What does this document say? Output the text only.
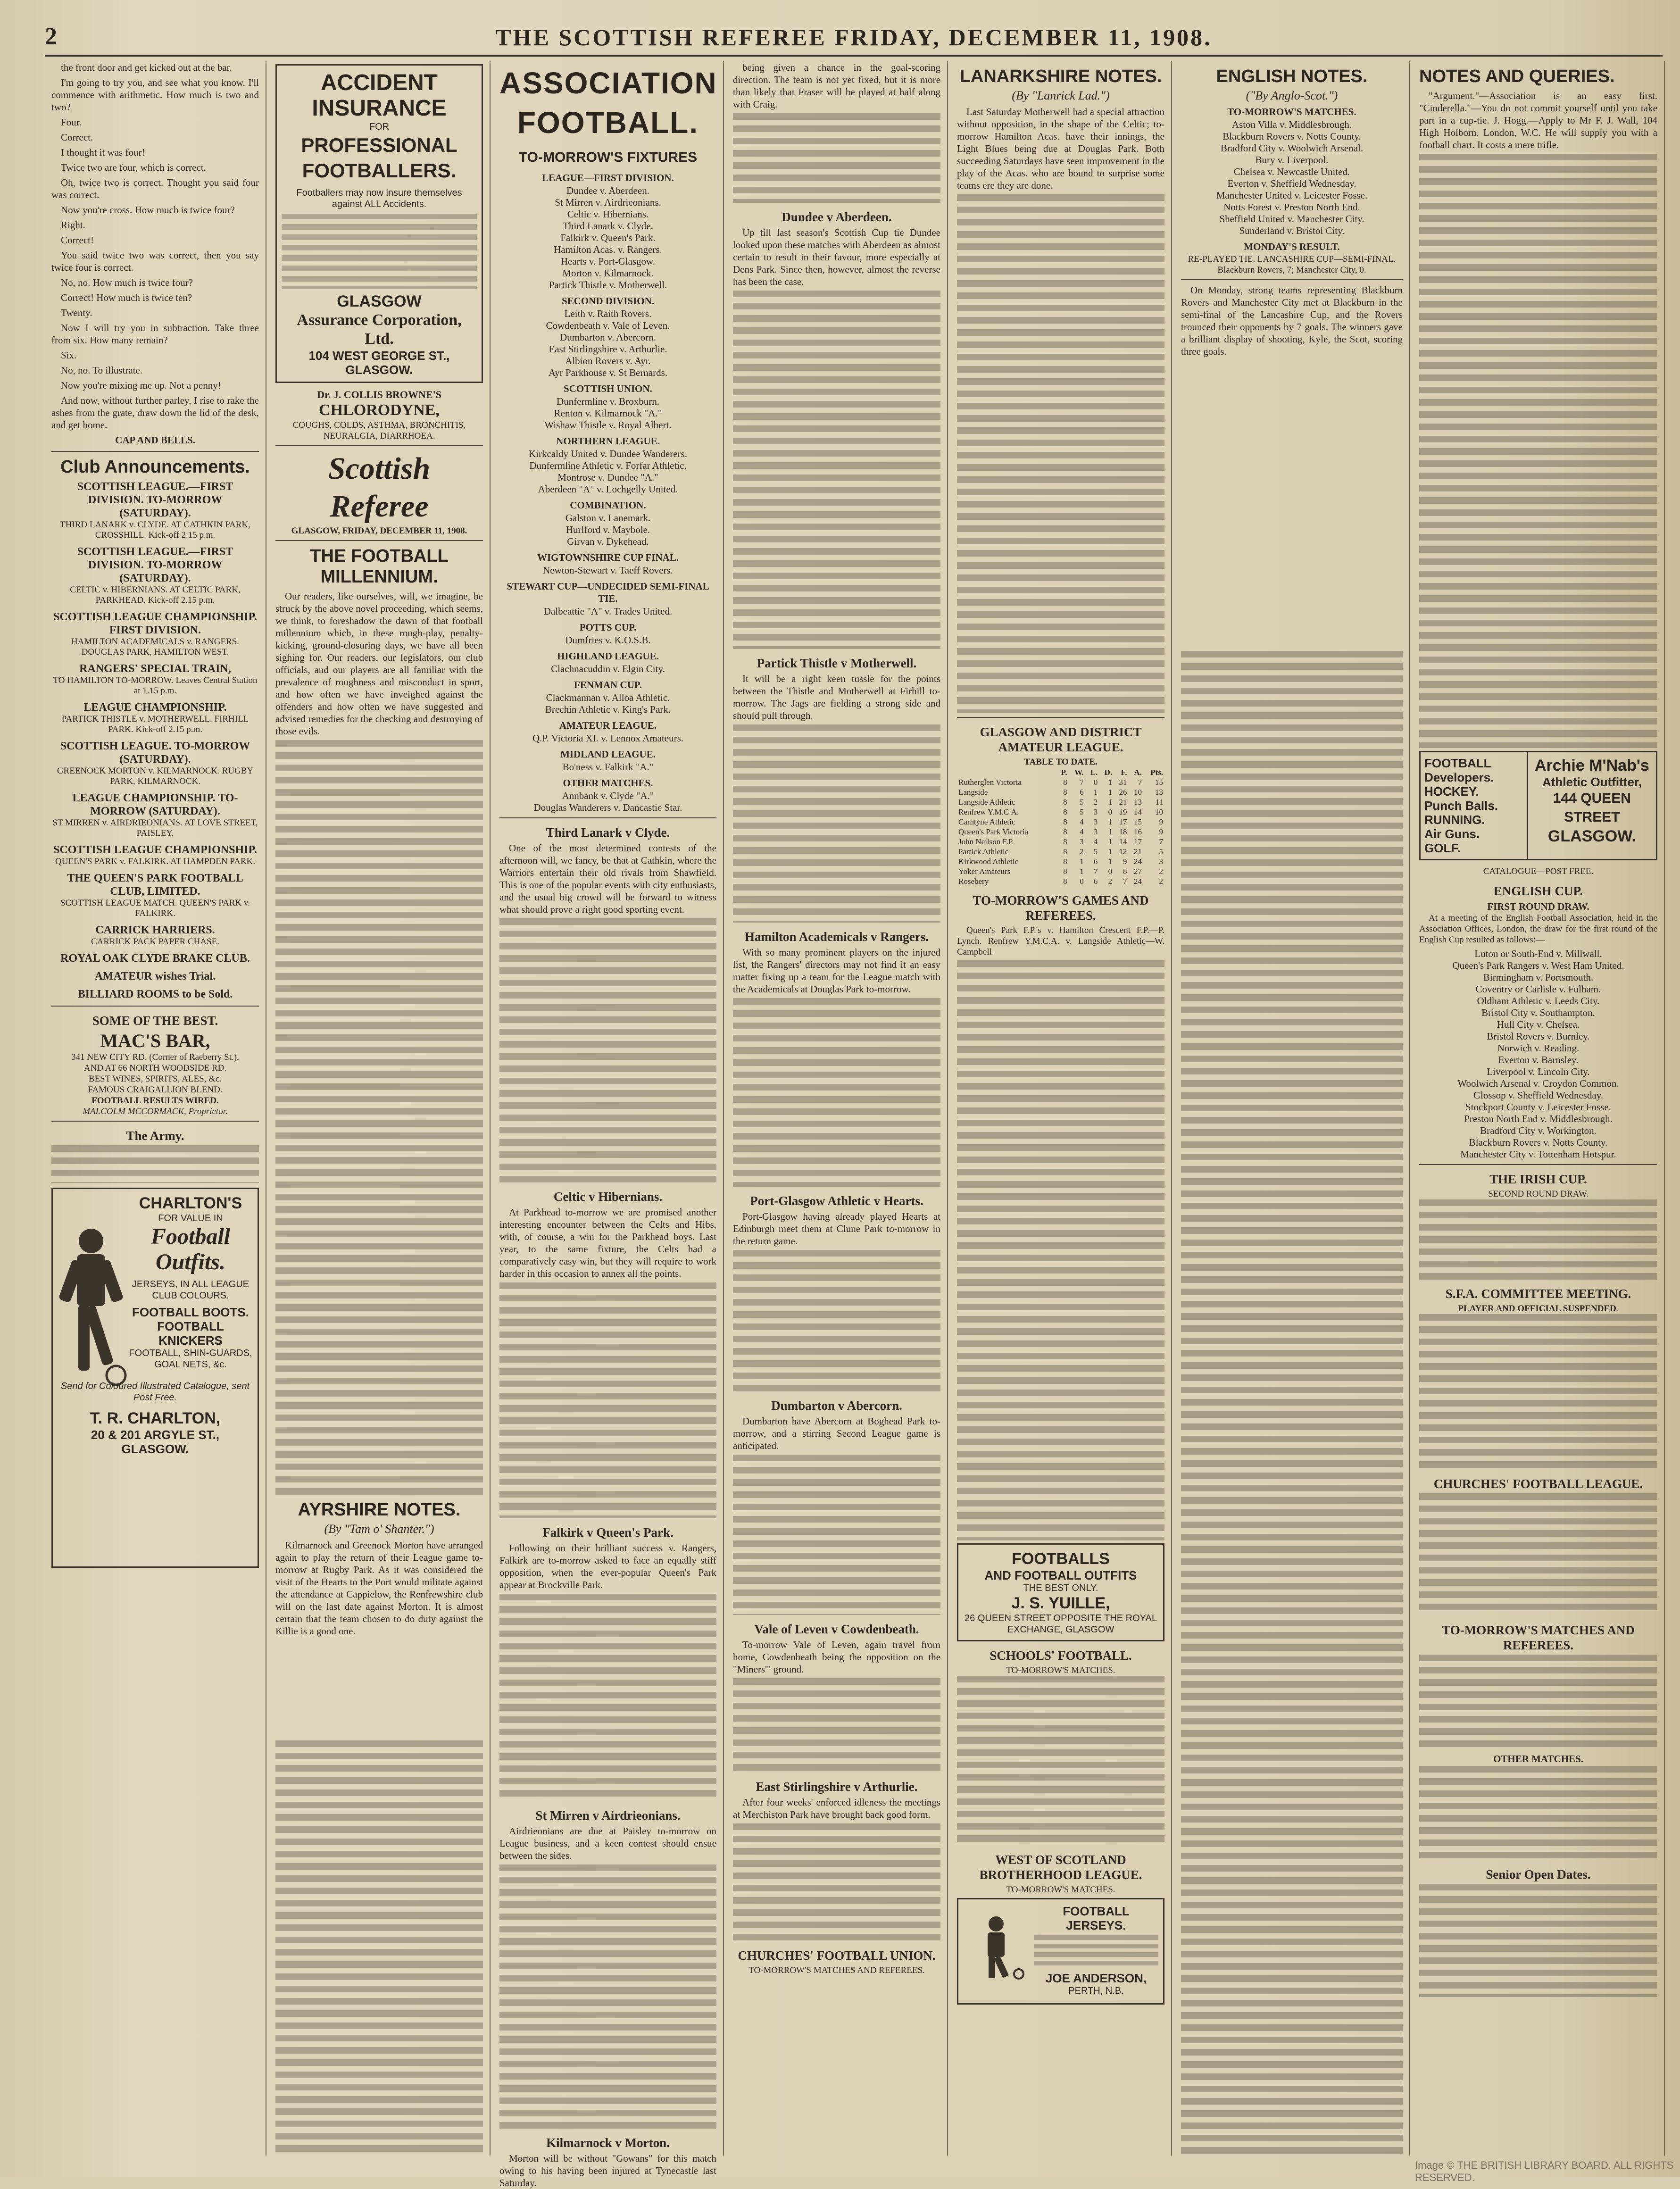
2	THE SCOTTISH REFEREE FRIDAY, DECEMBER 11, 1908.

the front door and get kicked out at the bar.

I'm going to try you, and see what you know. I'll commence with arithmetic. How much is two and two?

Four.

Correct.

I thought it was four!

Twice two are four, which is correct.

Oh, twice two is correct. Thought you said four was correct.

Now you're cross. How much is twice four?

Right.

Correct!

You said twice two was correct, then you say twice four is correct.

No, no. How much is twice four?

Correct! How much is twice ten?

Twenty.

Now I will try you in subtraction. Take three from six. How many remain?

Six.

No, no. To illustrate.

Now you're mixing me up. Not a penny!

And now, without further parley, I rise to rake the ashes from the grate, draw down the lid of the desk, and get home.

CAP AND BELLS.
Club Announcements.
SCOTTISH LEAGUE.—FIRST DIVISION. TO-MORROW (SATURDAY).
THIRD LANARK v. CLYDE. AT CATHKIN PARK, CROSSHILL. Kick-off 2.15 p.m.
SCOTTISH LEAGUE.—FIRST DIVISION. TO-MORROW (SATURDAY).
CELTIC v. HIBERNIANS. AT CELTIC PARK, PARKHEAD. Kick-off 2.15 p.m.
SCOTTISH LEAGUE CHAMPIONSHIP. FIRST DIVISION.
HAMILTON ACADEMICALS v. RANGERS. DOUGLAS PARK, HAMILTON WEST.
RANGERS' SPECIAL TRAIN,
TO HAMILTON TO-MORROW. Leaves Central Station at 1.15 p.m.
LEAGUE CHAMPIONSHIP.
PARTICK THISTLE v. MOTHERWELL. FIRHILL PARK. Kick-off 2.15 p.m.
SCOTTISH LEAGUE. TO-MORROW (SATURDAY).
GREENOCK MORTON v. KILMARNOCK. RUGBY PARK, KILMARNOCK.
LEAGUE CHAMPIONSHIP. TO-MORROW (SATURDAY).
ST MIRREN v. AIRDRIEONIANS. AT LOVE STREET, PAISLEY.
SCOTTISH LEAGUE CHAMPIONSHIP.
QUEEN'S PARK v. FALKIRK. AT HAMPDEN PARK.
THE QUEEN'S PARK FOOTBALL CLUB, LIMITED.
SCOTTISH LEAGUE MATCH. QUEEN'S PARK v. FALKIRK.
CARRICK HARRIERS.
CARRICK PACK PAPER CHASE.
ROYAL OAK CLYDE BRAKE CLUB.
AMATEUR wishes Trial.
BILLIARD ROOMS to be Sold.
SOME OF THE BEST.
MAC'S BAR,
341 NEW CITY RD. (Corner of Raeberry St.),
AND AT 66 NORTH WOODSIDE RD.
BEST WINES, SPIRITS, ALES, &c.
FAMOUS CRAIGALLION BLEND.
FOOTBALL RESULTS WIRED.
MALCOLM MCCORMACK, Proprietor.
The Army.
CHARLTON'S
FOR VALUE IN
Football
Outfits.
JERSEYS, IN ALL LEAGUE CLUB COLOURS.
FOOTBALL BOOTS.
FOOTBALL KNICKERS
FOOTBALL, SHIN-GUARDS, GOAL NETS, &c.
Send for Coloured Illustrated Catalogue, sent Post Free.
T. R. CHARLTON,
20 & 201 ARGYLE ST., GLASGOW.
ACCIDENT
INSURANCE
FOR
PROFESSIONAL
FOOTBALLERS.
Footballers may now insure themselves against ALL Accidents.
GLASGOW
Assurance Corporation, Ltd.
104 WEST GEORGE ST.,
GLASGOW.
Dr. J. COLLIS BROWNE'S
CHLORODYNE,
COUGHS, COLDS, ASTHMA, BRONCHITIS, NEURALGIA, DIARRHOEA.
Scottish Referee
GLASGOW, FRIDAY, DECEMBER 11, 1908.
THE FOOTBALL
MILLENNIUM.

Our readers, like ourselves, will, we imagine, be struck by the above novel proceeding, which seems, we think, to foreshadow the dawn of that football millennium which, in these rough-play, penalty-kicking, ground-closuring days, we have all been sighing for. Our readers, our legislators, our club officials, and our players are all familiar with the prevalence of roughness and misconduct in sport, and how often we have inveighed against the offenders and how often we have suggested and advised remedies for the checking and destroying of those evils.

AYRSHIRE NOTES.
(By "Tam o' Shanter.")

Kilmarnock and Greenock Morton have arranged again to play the return of their League game to-morrow at Rugby Park. As it was considered the visit of the Hearts to the Port would militate against the attendance at Cappielow, the Renfrewshire club will on the last date against Morton. It is almost certain that the team chosen to do duty against the Killie is a good one.

ASSOCIATION FOOTBALL.
TO-MORROW'S FIXTURES
LEAGUE—FIRST DIVISION.
Dundee v. Aberdeen.
St Mirren v. Airdrieonians.
Celtic v. Hibernians.
Third Lanark v. Clyde.
Falkirk v. Queen's Park.
Hamilton Acas. v. Rangers.
Hearts v. Port-Glasgow.
Morton v. Kilmarnock.
Partick Thistle v. Motherwell.
SECOND DIVISION.
Leith v. Raith Rovers.
Cowdenbeath v. Vale of Leven.
Dumbarton v. Abercorn.
East Stirlingshire v. Arthurlie.
Albion Rovers v. Ayr.
Ayr Parkhouse v. St Bernards.
SCOTTISH UNION.
Dunfermline v. Broxburn.
Renton v. Kilmarnock "A."
Wishaw Thistle v. Royal Albert.
NORTHERN LEAGUE.
Kirkcaldy United v. Dundee Wanderers.
Dunfermline Athletic v. Forfar Athletic.
Montrose v. Dundee "A."
Aberdeen "A" v. Lochgelly United.
COMBINATION.
Galston v. Lanemark.
Hurlford v. Maybole.
Girvan v. Dykehead.
WIGTOWNSHIRE CUP FINAL.
Newton-Stewart v. Taeff Rovers.
STEWART CUP—UNDECIDED SEMI-FINAL TIE.
Dalbeattie "A" v. Trades United.
POTTS CUP.
Dumfries v. K.O.S.B.
HIGHLAND LEAGUE.
Clachnacuddin v. Elgin City.
FENMAN CUP.
Clackmannan v. Alloa Athletic.
Brechin Athletic v. King's Park.
AMATEUR LEAGUE.
Q.P. Victoria XI. v. Lennox Amateurs.
MIDLAND LEAGUE.
Bo'ness v. Falkirk "A."
OTHER MATCHES.
Annbank v. Clyde "A."
Douglas Wanderers v. Dancastie Star.
Third Lanark v Clyde.

One of the most determined contests of the afternoon will, we fancy, be that at Cathkin, where the Warriors entertain their old rivals from Shawfield. This is one of the popular events with city enthusiasts, and the usual big crowd will be forward to witness what should prove a right good sporting event.

Celtic v Hibernians.

At Parkhead to-morrow we are promised another interesting encounter between the Celts and Hibs, with, of course, a win for the Parkhead boys. Last year, to the same fixture, the Celts had a comparatively easy win, but they will require to work harder in this occasion to annex all the points.

Falkirk v Queen's Park.

Following on their brilliant success v. Rangers, Falkirk are to-morrow asked to face an equally stiff opposition, when the ever-popular Queen's Park appear at Brockville Park.

St Mirren v Airdrieonians.

Airdrieonians are due at Paisley to-morrow on League business, and a keen contest should ensue between the sides.

Kilmarnock v Morton.

Morton will be without "Gowans" for this match owing to his having been injured at Tynecastle last Saturday.

being given a chance in the goal-scoring direction. The team is not yet fixed, but it is more than likely that Fraser will be played at half along with Craig.

Dundee v Aberdeen.

Up till last season's Scottish Cup tie Dundee looked upon these matches with Aberdeen as almost certain to result in their favour, more especially at Dens Park. Since then, however, almost the reverse has been the case.

Partick Thistle v Motherwell.

It will be a right keen tussle for the points between the Thistle and Motherwell at Firhill to-morrow. The Jags are fielding a strong side and should pull through.

Hamilton Academicals v Rangers.

With so many prominent players on the injured list, the Rangers' directors may not find it an easy matter fixing up a team for the League match with the Academicals at Douglas Park to-morrow.

Port-Glasgow Athletic v Hearts.

Port-Glasgow having already played Hearts at Edinburgh meet them at Clune Park to-morrow in the return game.

Dumbarton v Abercorn.

Dumbarton have Abercorn at Boghead Park to-morrow, and a stirring Second League game is anticipated.

Vale of Leven v Cowdenbeath.

To-morrow Vale of Leven, again travel from home, Cowdenbeath being the opposition on the "Miners'" ground.

East Stirlingshire v Arthurlie.

After four weeks' enforced idleness the meetings at Merchiston Park have brought back good form.

CHURCHES' FOOTBALL UNION.
TO-MORROW'S MATCHES AND REFEREES.
LANARKSHIRE NOTES.
(By "Lanrick Lad.")

Last Saturday Motherwell had a special attraction without opposition, in the shape of the Celtic; to-morrow Hamilton Acas. have their innings, the Light Blues being due at Douglas Park. Both succeeding Saturdays have seen improvement in the play of the Acas. who are bound to surprise some teams ere they are done.

GLASGOW AND DISTRICT AMATEUR LEAGUE.
TABLE TO DATE.
	P.	W.	L.	D.	F.	A.	Pts.
Rutherglen Victoria	8	7	0	1	31	7	15
Langside	8	6	1	1	26	10	13
Langside Athletic	8	5	2	1	21	13	11
Renfrew Y.M.C.A.	8	5	3	0	19	14	10
Carntyne Athletic	8	4	3	1	17	15	9
Queen's Park Victoria	8	4	3	1	18	16	9
John Neilson F.P.	8	3	4	1	14	17	7
Partick Athletic	8	2	5	1	12	21	5
Kirkwood Athletic	8	1	6	1	9	24	3
Yoker Amateurs	8	1	7	0	8	27	2
Rosebery	8	0	6	2	7	24	2
TO-MORROW'S GAMES AND REFEREES.

Queen's Park F.P.'s v. Hamilton Crescent F.P.—P. Lynch. Renfrew Y.M.C.A. v. Langside Athletic—W. Campbell.

FOOTBALLS
AND FOOTBALL OUTFITS
THE BEST ONLY.
J. S. YUILLE,
26 QUEEN STREET OPPOSITE THE ROYAL EXCHANGE, GLASGOW
SCHOOLS' FOOTBALL.
TO-MORROW'S MATCHES.
WEST OF SCOTLAND BROTHERHOOD LEAGUE.
TO-MORROW'S MATCHES.
FOOTBALL JERSEYS.
JOE ANDERSON,
PERTH, N.B.
ENGLISH NOTES.
("By Anglo-Scot.")
TO-MORROW'S MATCHES.
Aston Villa v. Middlesbrough.
Blackburn Rovers v. Notts County.
Bradford City v. Woolwich Arsenal.
Bury v. Liverpool.
Chelsea v. Newcastle United.
Everton v. Sheffield Wednesday.
Manchester United v. Leicester Fosse.
Notts Forest v. Preston North End.
Sheffield United v. Manchester City.
Sunderland v. Bristol City.
MONDAY'S RESULT.
RE-PLAYED TIE, LANCASHIRE CUP—SEMI-FINAL.
Blackburn Rovers, 7; Manchester City, 0.

On Monday, strong teams representing Blackburn Rovers and Manchester City met at Blackburn in the semi-final of the Lancashire Cup, and the Rovers trounced their opponents by 7 goals. The winners gave a brilliant display of shooting, Kyle, the Scot, scoring three goals.

NOTES AND QUERIES.

"Argument."—Association is an easy first. "Cinderella."—You do not commit yourself until you take part in a cup-tie. J. Hogg.—Apply to Mr F. J. Wall, 104 High Holborn, London, W.C. He will supply you with a football chart. It costs a mere trifle.

FOOTBALL Developers.
HOCKEY.
Punch Balls.
RUNNING.
Air Guns.
GOLF.
Archie M'Nab's
Athletic Outfitter,
144 QUEEN STREET
GLASGOW.
CATALOGUE—POST FREE.
ENGLISH CUP.
FIRST ROUND DRAW.

At a meeting of the English Football Association, held in the Association Offices, London, the draw for the first round of the English Cup resulted as follows:—

Luton or South-End v. Millwall.
Queen's Park Rangers v. West Ham United.
Birmingham v. Portsmouth.
Coventry or Carlisle v. Fulham.
Oldham Athletic v. Leeds City.
Bristol City v. Southampton.
Hull City v. Chelsea.
Bristol Rovers v. Burnley.
Norwich v. Reading.
Everton v. Barnsley.
Liverpool v. Lincoln City.
Woolwich Arsenal v. Croydon Common.
Glossop v. Sheffield Wednesday.
Stockport County v. Leicester Fosse.
Preston North End v. Middlesbrough.
Bradford City v. Workington.
Blackburn Rovers v. Notts County.
Manchester City v. Tottenham Hotspur.
THE IRISH CUP.
SECOND ROUND DRAW.
S.F.A. COMMITTEE MEETING.
PLAYER AND OFFICIAL SUSPENDED.
CHURCHES' FOOTBALL LEAGUE.
TO-MORROW'S MATCHES AND REFEREES.
OTHER MATCHES.
Senior Open Dates.
Image © THE BRITISH LIBRARY BOARD. ALL RIGHTS RESERVED.
